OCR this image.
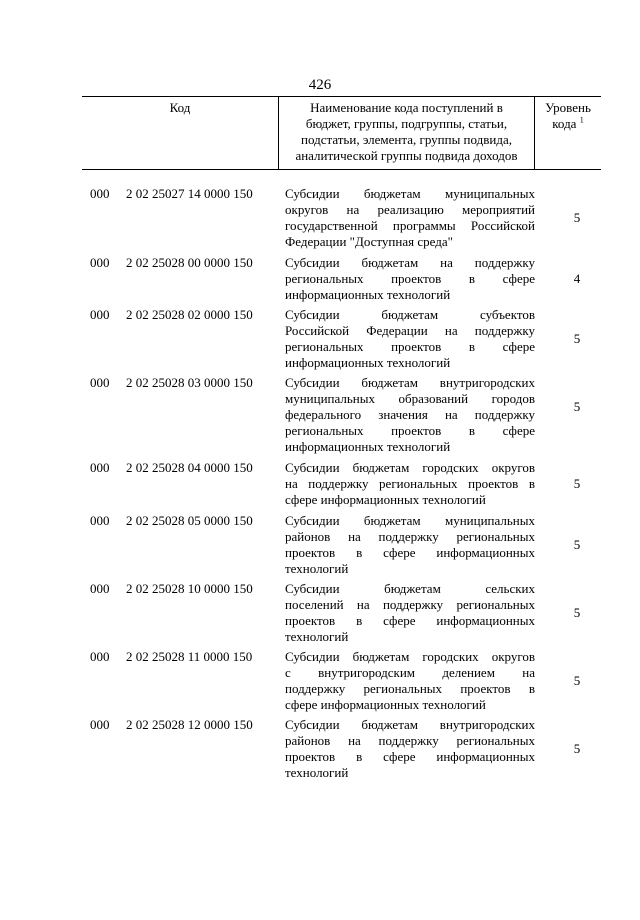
426
Код	Наименование кода поступлений в
бюджет, группы, подгруппы, статьи,
подстатьи, элемента, группы подвида,
аналитической группы подвида доходов
Уровень
кода $^1$
000 2 02 25027 14 0000 150 Субсидии бюджетам муниципальных
округов на реализацию мероприятий
государственной программы Российской
Федерации "Доступная среда"
5
000 2 02 25028 00 0000 150 Субсидии бюджетам на поддержку
региональных проектов в сфере
информационных технологий
4
000 2 02 25028 02 0000 150 Субсидии бюджетам субъектов
Российской Федерации на поддержку
региональных проектов в сфере
информационных технологий
5
000 2 02 25028 03 0000 150 Субсидии бюджетам внутригородских
муниципальных образований городов
федерального значения на поддержку
региональных проектов в сфере
информационных технологий
5
000 2 02 25028 04 0000 150 Субсидии бюджетам городских округов
на поддержку региональных проектов в
сфере информационных технологий
5
000 2 02 25028 05 0000 150 Субсидии бюджетам муниципальных
районов на поддержку региональных
проектов в сфере информационных
технологий
5
000 2 02 25028 10 0000 150 Субсидии бюджетам сельских
поселений на поддержку региональных
проектов в сфере информационных
технологий
5
000 2 02 25028 11 0000 150	Субсидии бюджетам городских округов
с внутригородским делением на
поддержку региональных проектов в
сфере информационных технологий
5
000 2 02 25028 12 0000 150 Субсидии бюджетам внутригородских
районов на поддержку региональных
проектов в сфере информационных
технологий
5
